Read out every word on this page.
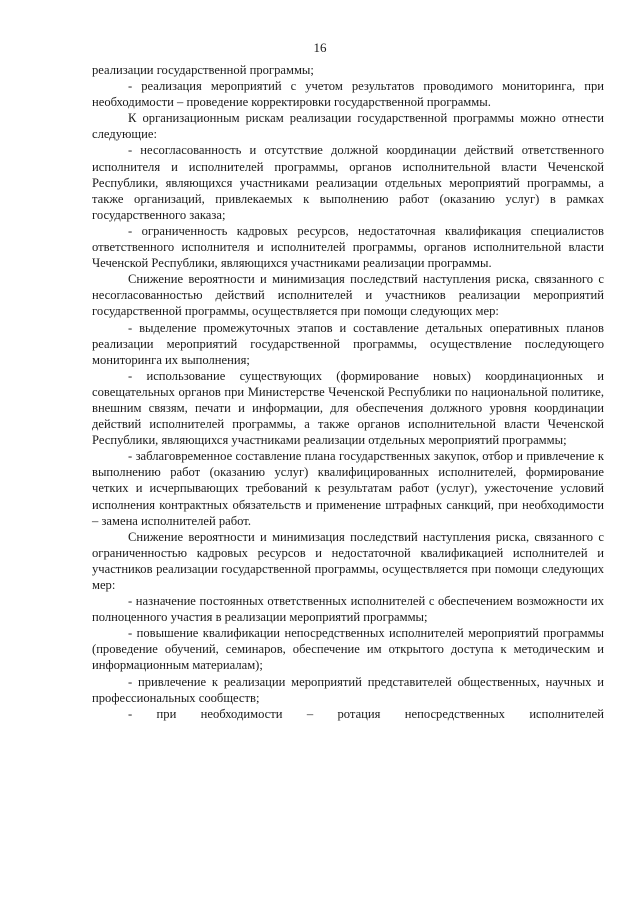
16

реализации государственной программы;

- реализация мероприятий с учетом результатов проводимого мониторинга, при необходимости – проведение корректировки государственной программы.

К организационным рискам реализации государственной программы можно отнести следующие:

- несогласованность и отсутствие должной координации действий ответственного исполнителя и исполнителей программы, органов исполнительной власти Чеченской Республики, являющихся участниками реализации отдельных мероприятий программы, а также организаций, привлекаемых к выполнению работ (оказанию услуг) в рамках государственного заказа;

- ограниченность кадровых ресурсов, недостаточная квалификация специалистов ответственного исполнителя и исполнителей программы, органов исполнительной власти Чеченской Республики, являющихся участниками реализации программы.

Снижение вероятности и минимизация последствий наступления риска, связанного с несогласованностью действий исполнителей и участников реализации мероприятий государственной программы, осуществляется при помощи следующих мер:

- выделение промежуточных этапов и составление детальных оперативных планов реализации мероприятий государственной программы, осуществление последующего мониторинга их выполнения;

- использование существующих (формирование новых) координационных и совещательных органов при Министерстве Чеченской Республики по национальной политике, внешним связям, печати и информации, для обеспечения должного уровня координации действий исполнителей программы, а также органов исполнительной власти Чеченской Республики, являющихся участниками реализации отдельных мероприятий программы;

- заблаговременное составление плана государственных закупок, отбор и привлечение к выполнению работ (оказанию услуг) квалифицированных исполнителей, формирование четких и исчерпывающих требований к результатам работ (услуг), ужесточение условий исполнения контрактных обязательств и применение штрафных санкций, при необходимости – замена исполнителей работ.

Снижение вероятности и минимизация последствий наступления риска, связанного с ограниченностью кадровых ресурсов и недостаточной квалификацией исполнителей и участников реализации государственной программы, осуществляется при помощи следующих мер:

- назначение постоянных ответственных исполнителей с обеспечением возможности их полноценного участия в реализации мероприятий программы;

- повышение квалификации непосредственных исполнителей мероприятий программы (проведение обучений, семинаров, обеспечение им открытого доступа к методическим и информационным материалам);

- привлечение к реализации мероприятий представителей общественных, научных и профессиональных сообществ;

- при необходимости – ротация непосредственных исполнителей
